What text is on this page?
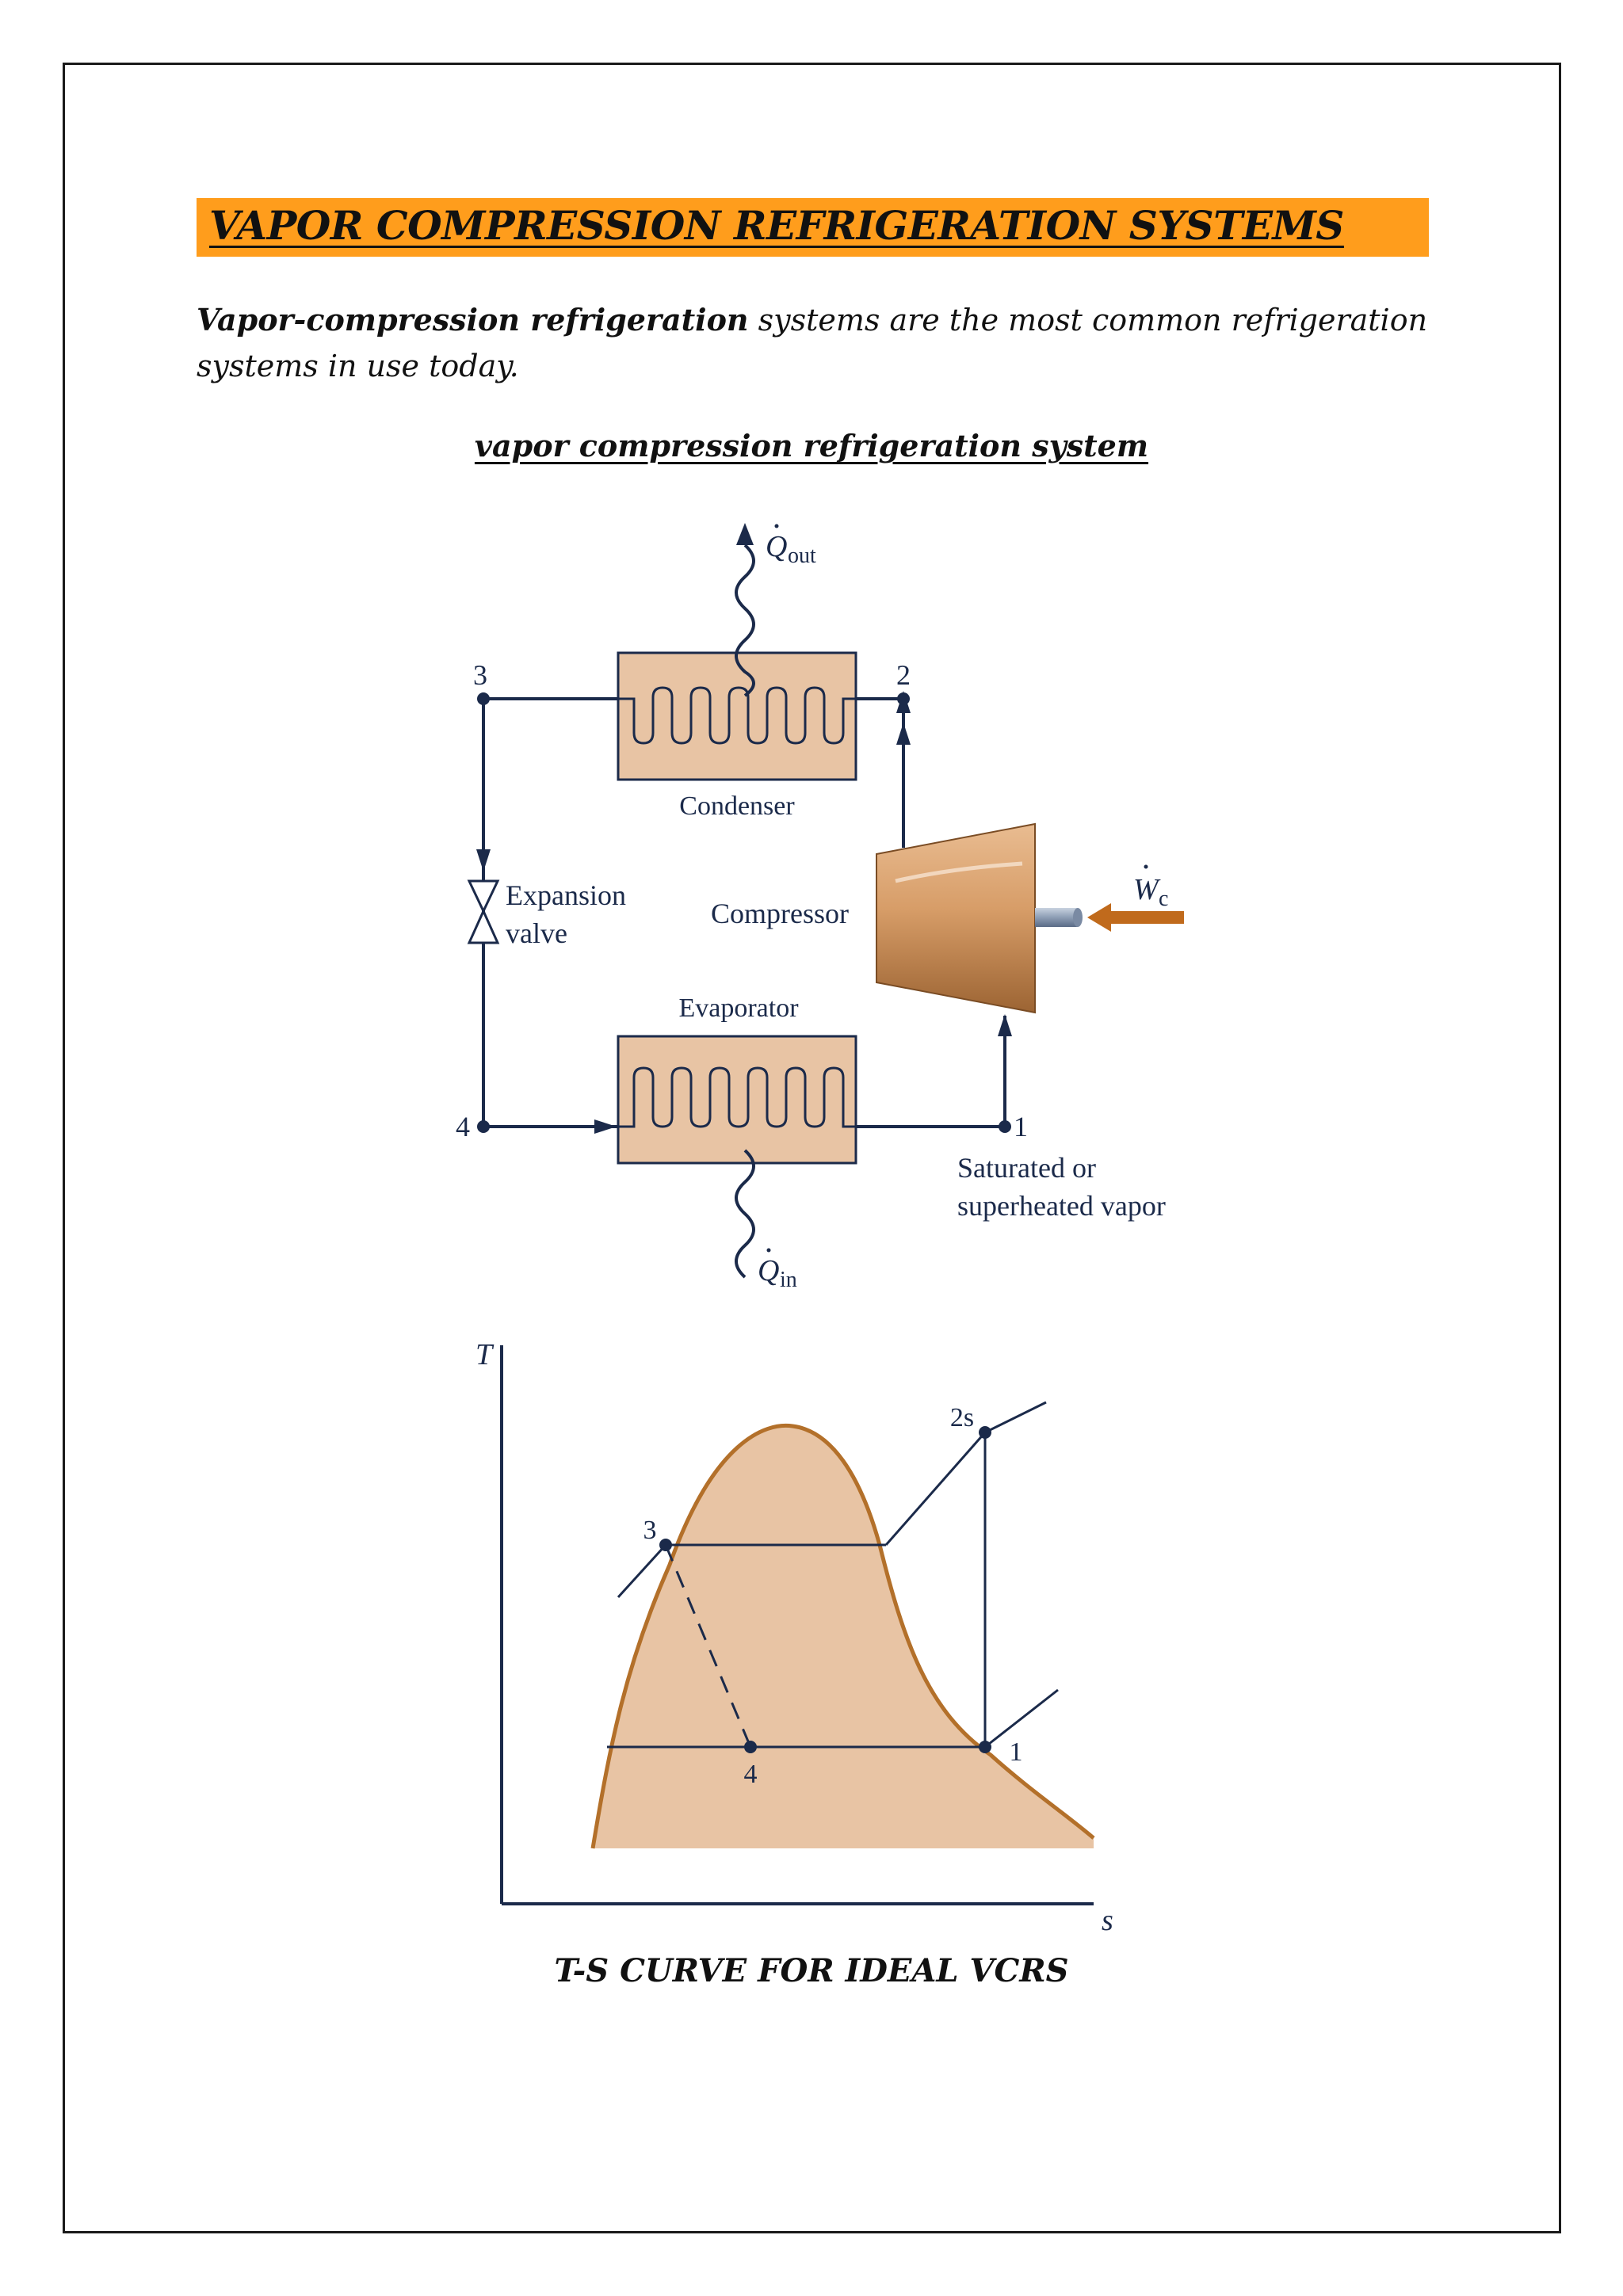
VAPOR COMPRESSION REFRIGERATION SYSTEMS
Vapor-compression refrigeration systems are the most common refrigeration systems in use today.
vapor compression refrigeration system
Condenser
Evaporator
Q out
Q in
Expansion
valve
Compressor
W c
3	2
4	1
Saturated or
superheated vapor
T
s
3
4
1
2s
T-S CURVE FOR IDEAL VCRS
